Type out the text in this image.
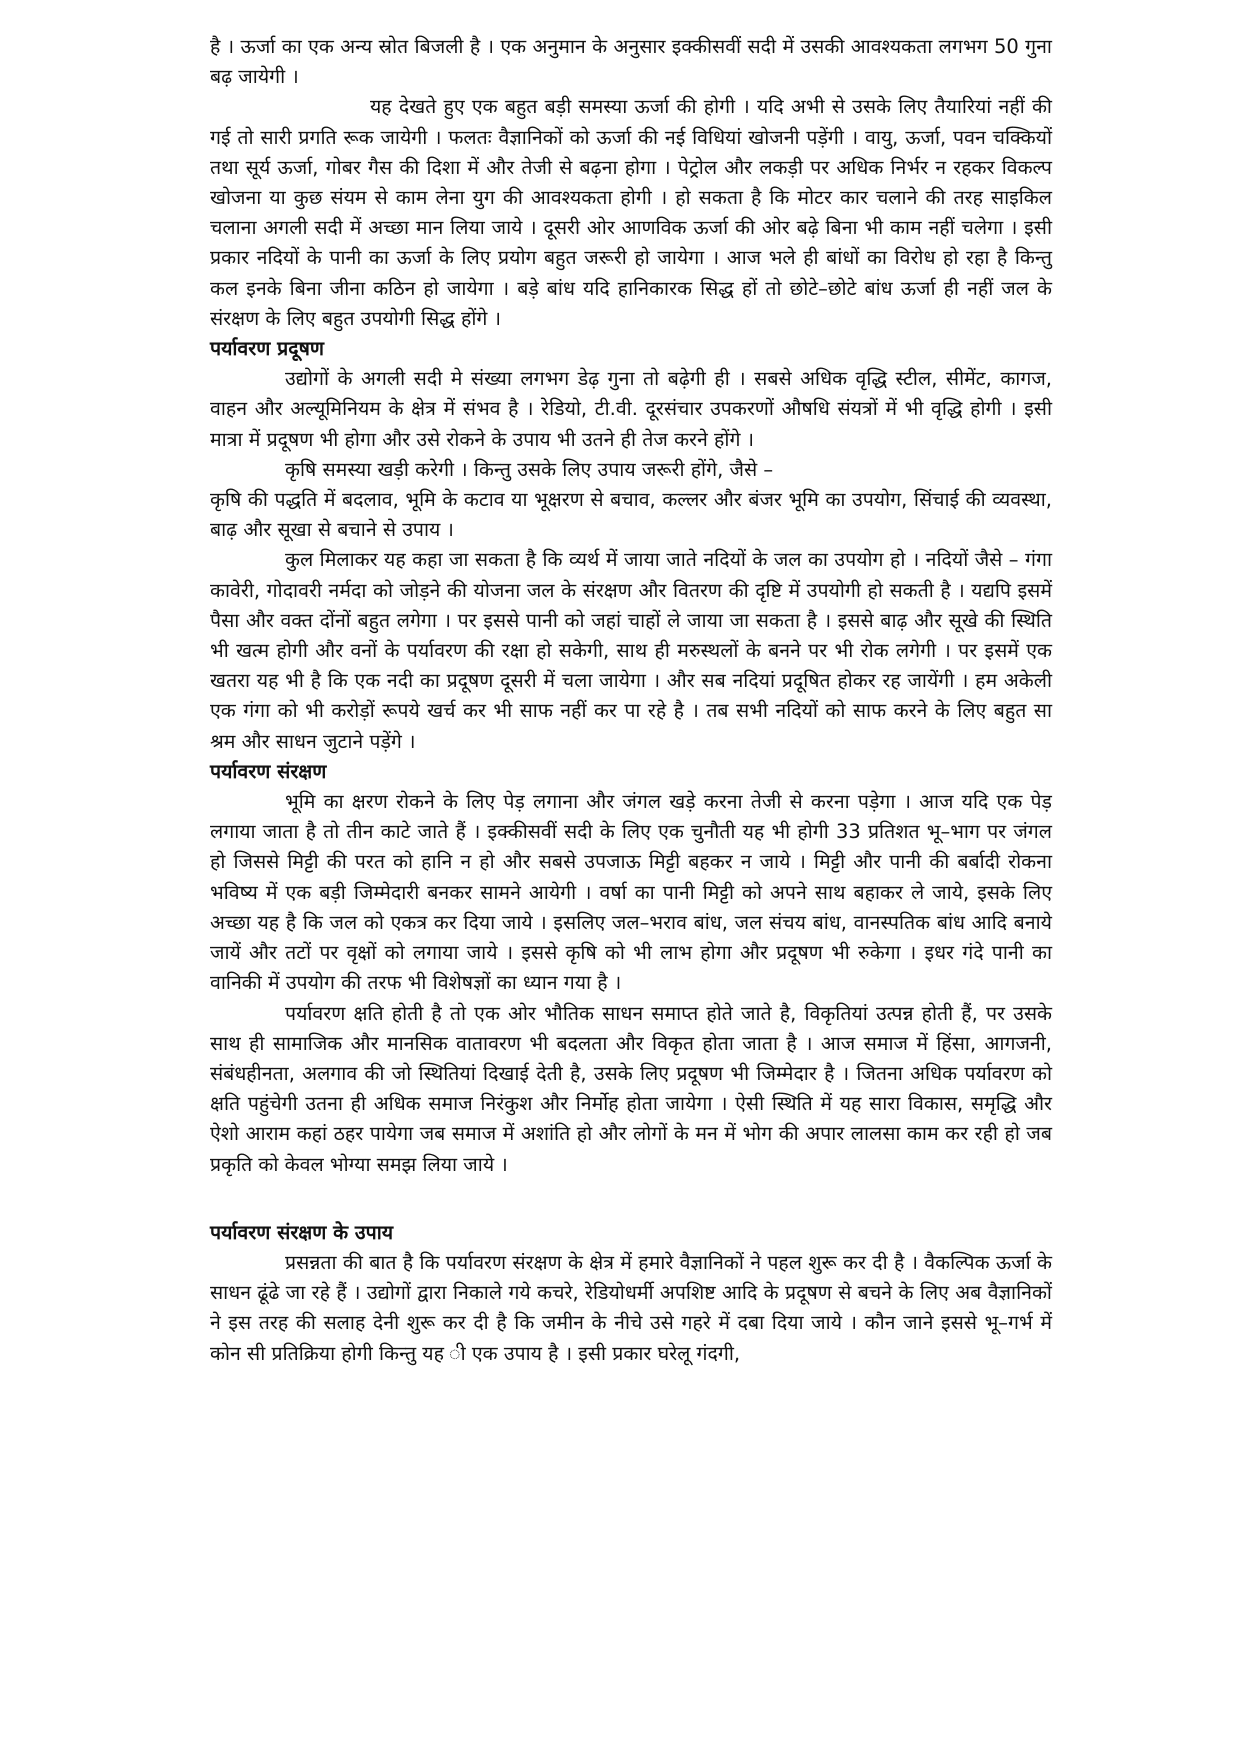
है । ऊर्जा का एक अन्य स्रोत बिजली है । एक अनुमान के अनुसार इक्कीसवीं सदी में उसकी आवश्यकता लगभग 50 गुना बढ़ जायेगी ।

यह देखते हुए एक बहुत बड़ी समस्या ऊर्जा की होगी । यदि अभी से उसके लिए तैयारियां नहीं की गई तो सारी प्रगति रूक जायेगी । फलतः वैज्ञानिकों को ऊर्जा की नई विधियां खोजनी पड़ेंगी । वायु, ऊर्जा, पवन चक्कियों तथा सूर्य ऊर्जा, गोबर गैस की दिशा में और तेजी से बढ़ना होगा । पेट्रोल और लकड़ी पर अधिक निर्भर न रहकर विकल्प खोजना या कुछ संयम से काम लेना युग की आवश्यकता होगी । हो सकता है कि मोटर कार चलाने की तरह साइकिल चलाना अगली सदी में अच्छा मान लिया जाये । दूसरी ओर आणविक ऊर्जा की ओर बढ़े बिना भी काम नहीं चलेगा । इसी प्रकार नदियों के पानी का ऊर्जा के लिए प्रयोग बहुत जरूरी हो जायेगा । आज भले ही बांधों का विरोध हो रहा है किन्तु कल इनके बिना जीना कठिन हो जायेगा । बड़े बांध यदि हानिकारक सिद्ध हों तो छोटे–छोटे बांध ऊर्जा ही नहीं जल के संरक्षण के लिए बहुत उपयोगी सिद्ध होंगे ।

पर्यावरण प्रदूषण

उद्योगों के अगली सदी मे संख्या लगभग डेढ़ गुना तो बढ़ेगी ही । सबसे अधिक वृद्धि स्टील, सीमेंट, कागज, वाहन और अल्यूमिनियम के क्षेत्र में संभव है । रेडियो, टी.वी. दूरसंचार उपकरणों औषधि संयत्रों में भी वृद्धि होगी । इसी मात्रा में प्रदूषण भी होगा और उसे रोकने के उपाय भी उतने ही तेज करने होंगे ।

कृषि समस्या खड़ी करेगी । किन्तु उसके लिए उपाय जरूरी होंगे, जैसे –

कृषि की पद्धति में बदलाव, भूमि के कटाव या भूक्षरण से बचाव, कल्लर और बंजर भूमि का उपयोग, सिंचाई की व्यवस्था, बाढ़ और सूखा से बचाने से उपाय ।

कुल मिलाकर यह कहा जा सकता है कि व्यर्थ में जाया जाते नदियों के जल का उपयोग हो । नदियों जैसे – गंगा कावेरी, गोदावरी नर्मदा को जोड़ने की योजना जल के संरक्षण और वितरण की दृष्टि में उपयोगी हो सकती है । यद्यपि इसमें पैसा और वक्त दोंनों बहुत लगेगा । पर इससे पानी को जहां चाहों ले जाया जा सकता है । इससे बाढ़ और सूखे की स्थिति भी खत्म होगी और वनों के पर्यावरण की रक्षा हो सकेगी, साथ ही मरुस्थलों के बनने पर भी रोक लगेगी । पर इसमें एक खतरा यह भी है कि एक नदी का प्रदूषण दूसरी में चला जायेगा । और सब नदियां प्रदूषित होकर रह जायेंगी । हम अकेली एक गंगा को भी करोड़ों रूपये खर्च कर भी साफ नहीं कर पा रहे है । तब सभी नदियों को साफ करने के लिए बहुत सा श्रम और साधन जुटाने पड़ेंगे ।

पर्यावरण संरक्षण

भूमि का क्षरण रोकने के लिए पेड़ लगाना और जंगल खड़े करना तेजी से करना पड़ेगा । आज यदि एक पेड़ लगाया जाता है तो तीन काटे जाते हैं । इक्कीसवीं सदी के लिए एक चुनौती यह भी होगी 33 प्रतिशत भू–भाग पर जंगल हो जिससे मिट्टी की परत को हानि न हो और सबसे उपजाऊ मिट्टी बहकर न जाये । मिट्टी और पानी की बर्बादी रोकना भविष्य में एक बड़ी जिम्मेदारी बनकर सामने आयेगी । वर्षा का पानी मिट्टी को अपने साथ बहाकर ले जाये, इसके लिए अच्छा यह है कि जल को एकत्र कर दिया जाये । इसलिए जल–भराव बांध, जल संचय बांध, वानस्पतिक बांध आदि बनाये जायें और तटों पर वृक्षों को लगाया जाये । इससे कृषि को भी लाभ होगा और प्रदूषण भी रुकेगा । इधर गंदे पानी का वानिकी में उपयोग की तरफ भी विशेषज्ञों का ध्यान गया है ।

पर्यावरण क्षति होती है तो एक ओर भौतिक साधन समाप्त होते जाते है, विकृतियां उत्पन्न होती हैं, पर उसके साथ ही सामाजिक और मानसिक वातावरण भी बदलता और विकृत होता जाता है । आज समाज में हिंसा, आगजनी, संबंधहीनता, अलगाव की जो स्थितियां दिखाई देती है, उसके लिए प्रदूषण भी जिम्मेदार है । जितना अधिक पर्यावरण को क्षति पहुंचेगी उतना ही अधिक समाज निरंकुश और निर्मोह होता जायेगा । ऐसी स्थिति में यह सारा विकास, समृद्धि और ऐशो आराम कहां ठहर पायेगा जब समाज में अशांति हो और लोगों के मन में भोग की अपार लालसा काम कर रही हो जब प्रकृति को केवल भोग्या समझ लिया जाये ।

पर्यावरण संरक्षण के उपाय

प्रसन्नता की बात है कि पर्यावरण संरक्षण के क्षेत्र में हमारे वैज्ञानिकों ने पहल शुरू कर दी है । वैकल्पिक ऊर्जा के साधन ढूंढे जा रहे हैं । उद्योगों द्वारा निकाले गये कचरे, रेडियोधर्मी अपशिष्ट आदि के प्रदूषण से बचने के लिए अब वैज्ञानिकों ने इस तरह की सलाह देनी शुरू कर दी है कि जमीन के नीचे उसे गहरे में दबा दिया जाये । कौन जाने इससे भू–गर्भ में कोन सी प्रतिक्रिया होगी किन्तु यह ी एक उपाय है । इसी प्रकार घरेलू गंदगी,
